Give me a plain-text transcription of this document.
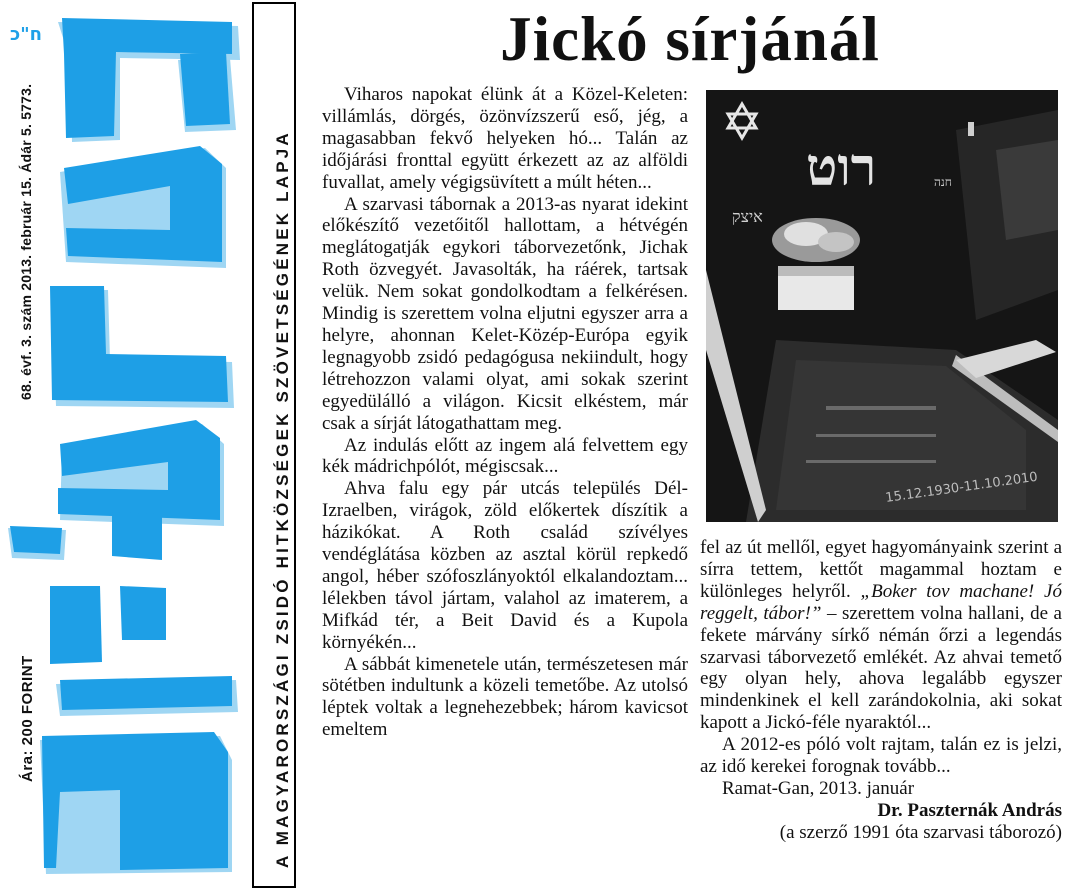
ח"כ
68. évf. 3. szám 2013. február 15. Ádár 5. 5773.
Ára: 200 FORINT	A MAGYARORSZÁGI ZSIDÓ HITKÖZSÉGEK SZÖVETSÉGÉNEK LAPJA
Jickó sírjánál

Viharos napokat élünk át a Közel-Keleten: villámlás, dörgés, özönvízszerű eső, jég, a magasabban fekvő helyeken hó... Talán az időjárási fronttal együtt érkezett az az alföldi fuvallat, amely végigsüvített a múlt héten...

A szarvasi tábornak a 2013-as nyarat idekint előkészítő vezetőitől hallottam, a hétvégén meglátogatják egykori táborvezetőnk, Jichak Roth özvegyét. Javasolták, ha ráérek, tartsak velük. Nem sokat gondolkodtam a felkérésen. Mindig is szerettem volna eljutni egyszer arra a helyre, ahonnan Kelet-Közép-Európa egyik legnagyobb zsidó pedagógusa nekiindult, hogy létrehozzon valami olyat, ami sokak szerint egyedülálló a világon. Kicsit elkéstem, már csak a sírját látogathattam meg.

Az indulás előtt az ingem alá felvettem egy kék mádrichpólót, mégiscsak...

Ahva falu egy pár utcás település Dél-Izraelben, virágok, zöld előkertek díszítik a házikókat. A Roth család szívélyes vendéglátása közben az asztal körül repkedő angol, héber szófoszlányoktól elkalandoztam... lélekben távol jártam, valahol az imaterem, a Mifkád tér, a Beit David és a Kupola környékén...

A sábbát kimenetele után, természetesen már sötétben indultunk a közeli temetőbe. Az utolsó léptek voltak a legnehezebbek; három kavicsot emeltem

רוט
איצק
חנה
15.12.1930-11.10.2010

fel az út mellől, egyet hagyományaink szerint a sírra tettem, kettőt magammal hoztam e különleges helyről. „Boker tov machane! Jó reggelt, tábor!” – szerettem volna hallani, de a fekete márvány sírkő némán őrzi a legendás szarvasi táborvezető emlékét. Az ahvai temető egy olyan hely, ahova legalább egyszer mindenkinek el kell zarándokolnia, aki sokat kapott a Jickó-féle nyaraktól...

A 2012-es póló volt rajtam, talán ez is jelzi, az idő kerekei forognak tovább...

Ramat-Gan, 2013. január

Dr. Paszternák András

(a szerző 1991 óta szarvasi táborozó)
